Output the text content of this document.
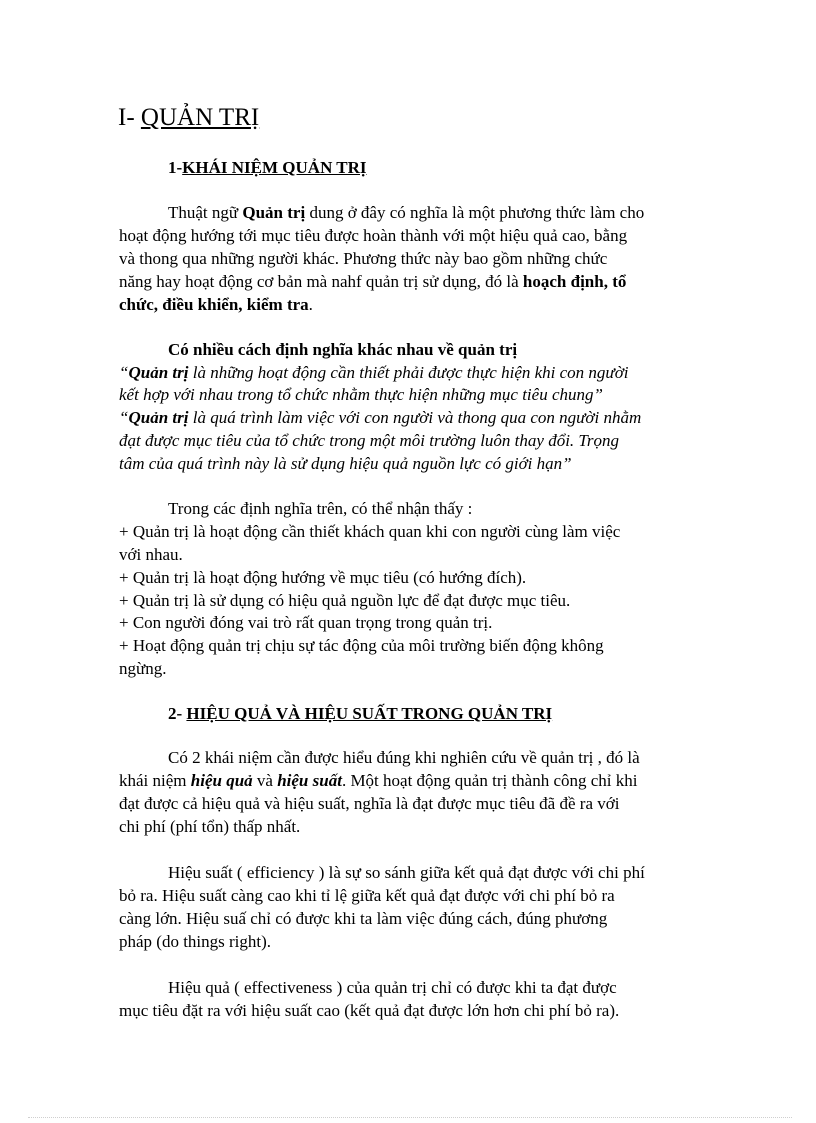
I- QUẢN TRỊ
1-KHÁI NIỆM QUẢN TRỊ
Thuật ngữ Quản trị dung ở đây có nghĩa là một phương thức làm cho
hoạt động hướng tới mục tiêu được hoàn thành với một hiệu quả cao, bằng
và thong qua những người khác. Phương thức này bao gồm những chức
năng hay hoạt động cơ bản mà nahf quản trị sử dụng, đó là hoạch định, tổ
chức, điều khiển, kiểm tra.
Có nhiều cách định nghĩa khác nhau về quản trị
“Quản trị là những hoạt động cần thiết phải được thực hiện khi con người
kết hợp với nhau trong tổ chức nhằm thực hiện những mục tiêu chung”
“Quản trị là quá trình làm việc với con người và thong qua con người nhằm
đạt được mục tiêu của tổ chức trong một môi trường luôn thay đổi. Trọng
tâm của quá trình này là sử dụng hiệu quả nguồn lực có giới hạn”
Trong các định nghĩa trên, có thể nhận thấy :
+ Quản trị là hoạt động cần thiết khách quan khi con người cùng làm việc
với nhau.
+ Quản trị là hoạt động hướng về mục tiêu (có hướng đích).
+ Quản trị là sử dụng có hiệu quả nguồn lực để đạt được mục tiêu.
+ Con người đóng vai trò rất quan trọng trong quản trị.
+ Hoạt động quản trị chịu sự tác động của môi trường biến động không
ngừng.
2- HIỆU QUẢ VÀ HIỆU SUẤT TRONG QUẢN TRỊ
Có 2 khái niệm cần được hiểu đúng khi nghiên cứu về quản trị , đó là
khái niệm hiệu quả và hiệu suất. Một hoạt động quản trị thành công chỉ khi
đạt được cả hiệu quả và hiệu suất, nghĩa là đạt được mục tiêu đã đề ra với
chi phí (phí tổn) thấp nhất.
Hiệu suất ( efficiency ) là sự so sánh giữa kết quả đạt được với chi phí
bỏ ra. Hiệu suất càng cao khi tỉ lệ giữa kết quả đạt được với chi phí bỏ ra
càng lớn. Hiệu suấ chỉ có được khi ta làm việc đúng cách, đúng phương
pháp (do things right).
Hiệu quả ( effectiveness ) của quản trị chỉ có được khi ta đạt được
mục tiêu đặt ra với hiệu suất cao (kết quả đạt được lớn hơn chi phí bỏ ra).
